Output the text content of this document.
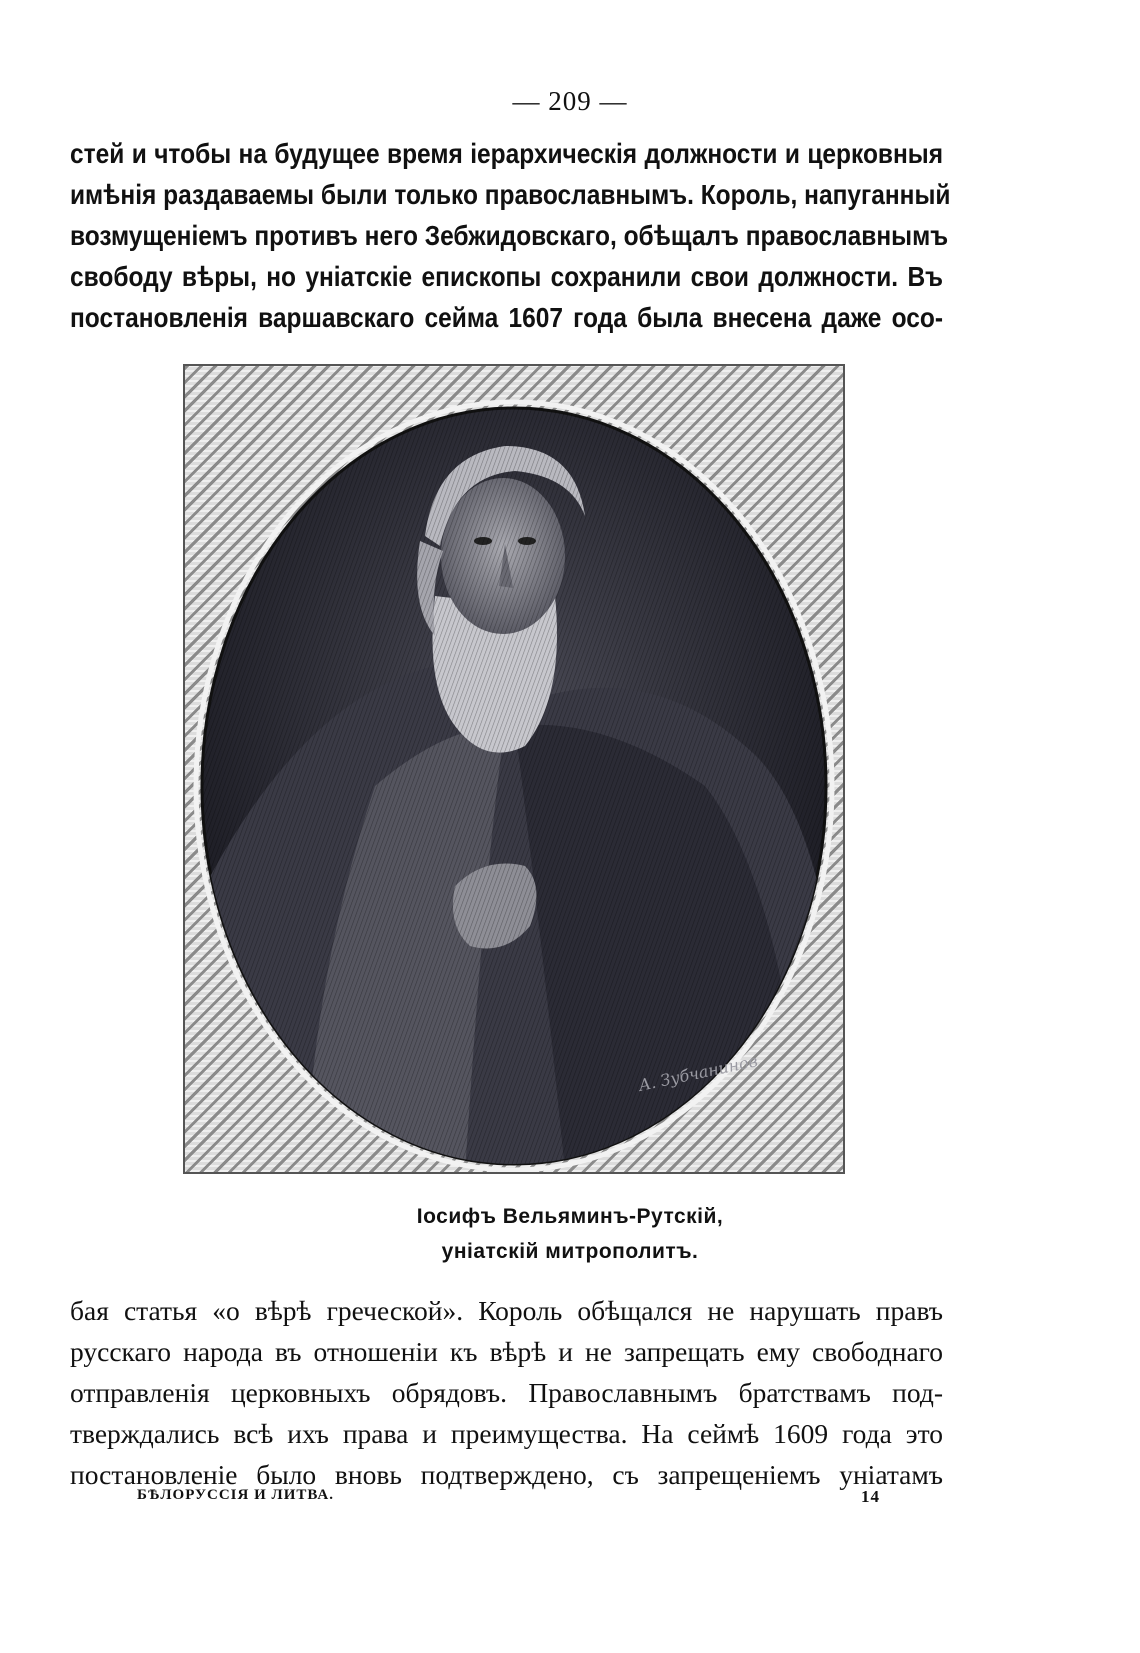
— 209 —
стей и чтобы на будущее время іерархическія должности и церковныя
имѣнія раздаваемы были только православнымъ. Король, напуганный
возмущеніемъ противъ него Зебжидовскаго, обѣщалъ православнымъ
свободу вѣры, но уніатскіе епископы сохранили свои должности. Въ
постановленія варшавскаго сейма 1607 года была внесена даже осо-
А. Зубчанинов
Іосифъ Вельяминъ-Рутскій,
уніатскій митрополитъ.
бая статья «о вѣрѣ греческой». Король обѣщался не нарушать правъ
русскаго народа въ отношеніи къ вѣрѣ и не запрещать ему свободнаго
отправленія церковныхъ обрядовъ. Православнымъ братствамъ под-
тверждались всѣ ихъ права и преимущества. На сеймѣ 1609 года это
постановленіе было вновь подтверждено, съ запрещеніемъ уніатамъ
БѢЛОРУССІЯ И ЛИТВА.	14
